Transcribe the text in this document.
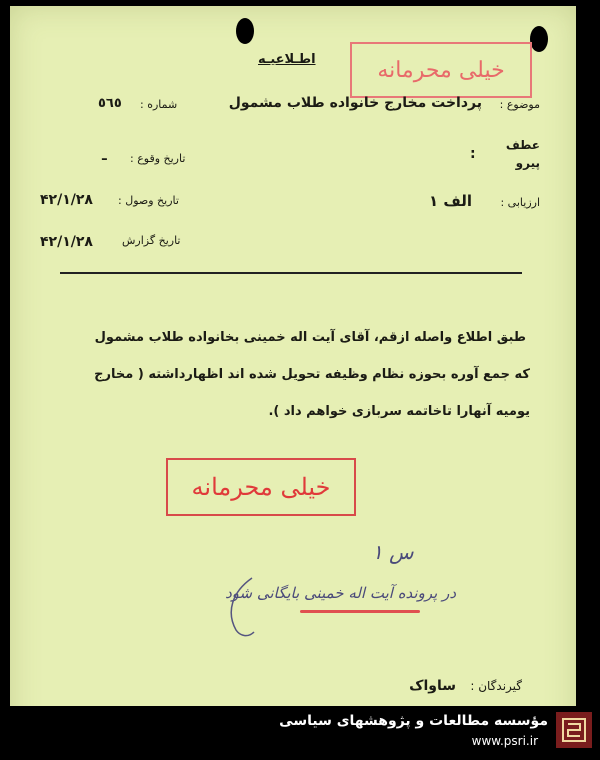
اطـلاعيـه	خیلی محرمانه
موضوع :
پرداخت مخارج خانواده طلاب مشمول
شماره :
٥٦٥
عطف
پیرو
:
تاریخ وقوع :
ـ
تاریخ وصول :
۴۲/۱/۲۸	ارزیابی :
الف ۱
تاریخ گزارش
۴۲/۱/۲۸
طبق اطلاع واصله ازقم، آقای آیت اله خمینی بخانواده طلاب مشمول
که جمع آوره بحوزه نظام وظیفه تحویل شده اند اظهارداشته ( مخارج
یومیه آنهارا تاخاتمه سربازی خواهم داد ).
خیلی محرمانه
س ۱
در پرونده آیت اله خمینی بایگانی شود
گیرندگان :
ساواک
مؤسسه مطالعات و پژوهشهای سیاسی
www.psri.ir
